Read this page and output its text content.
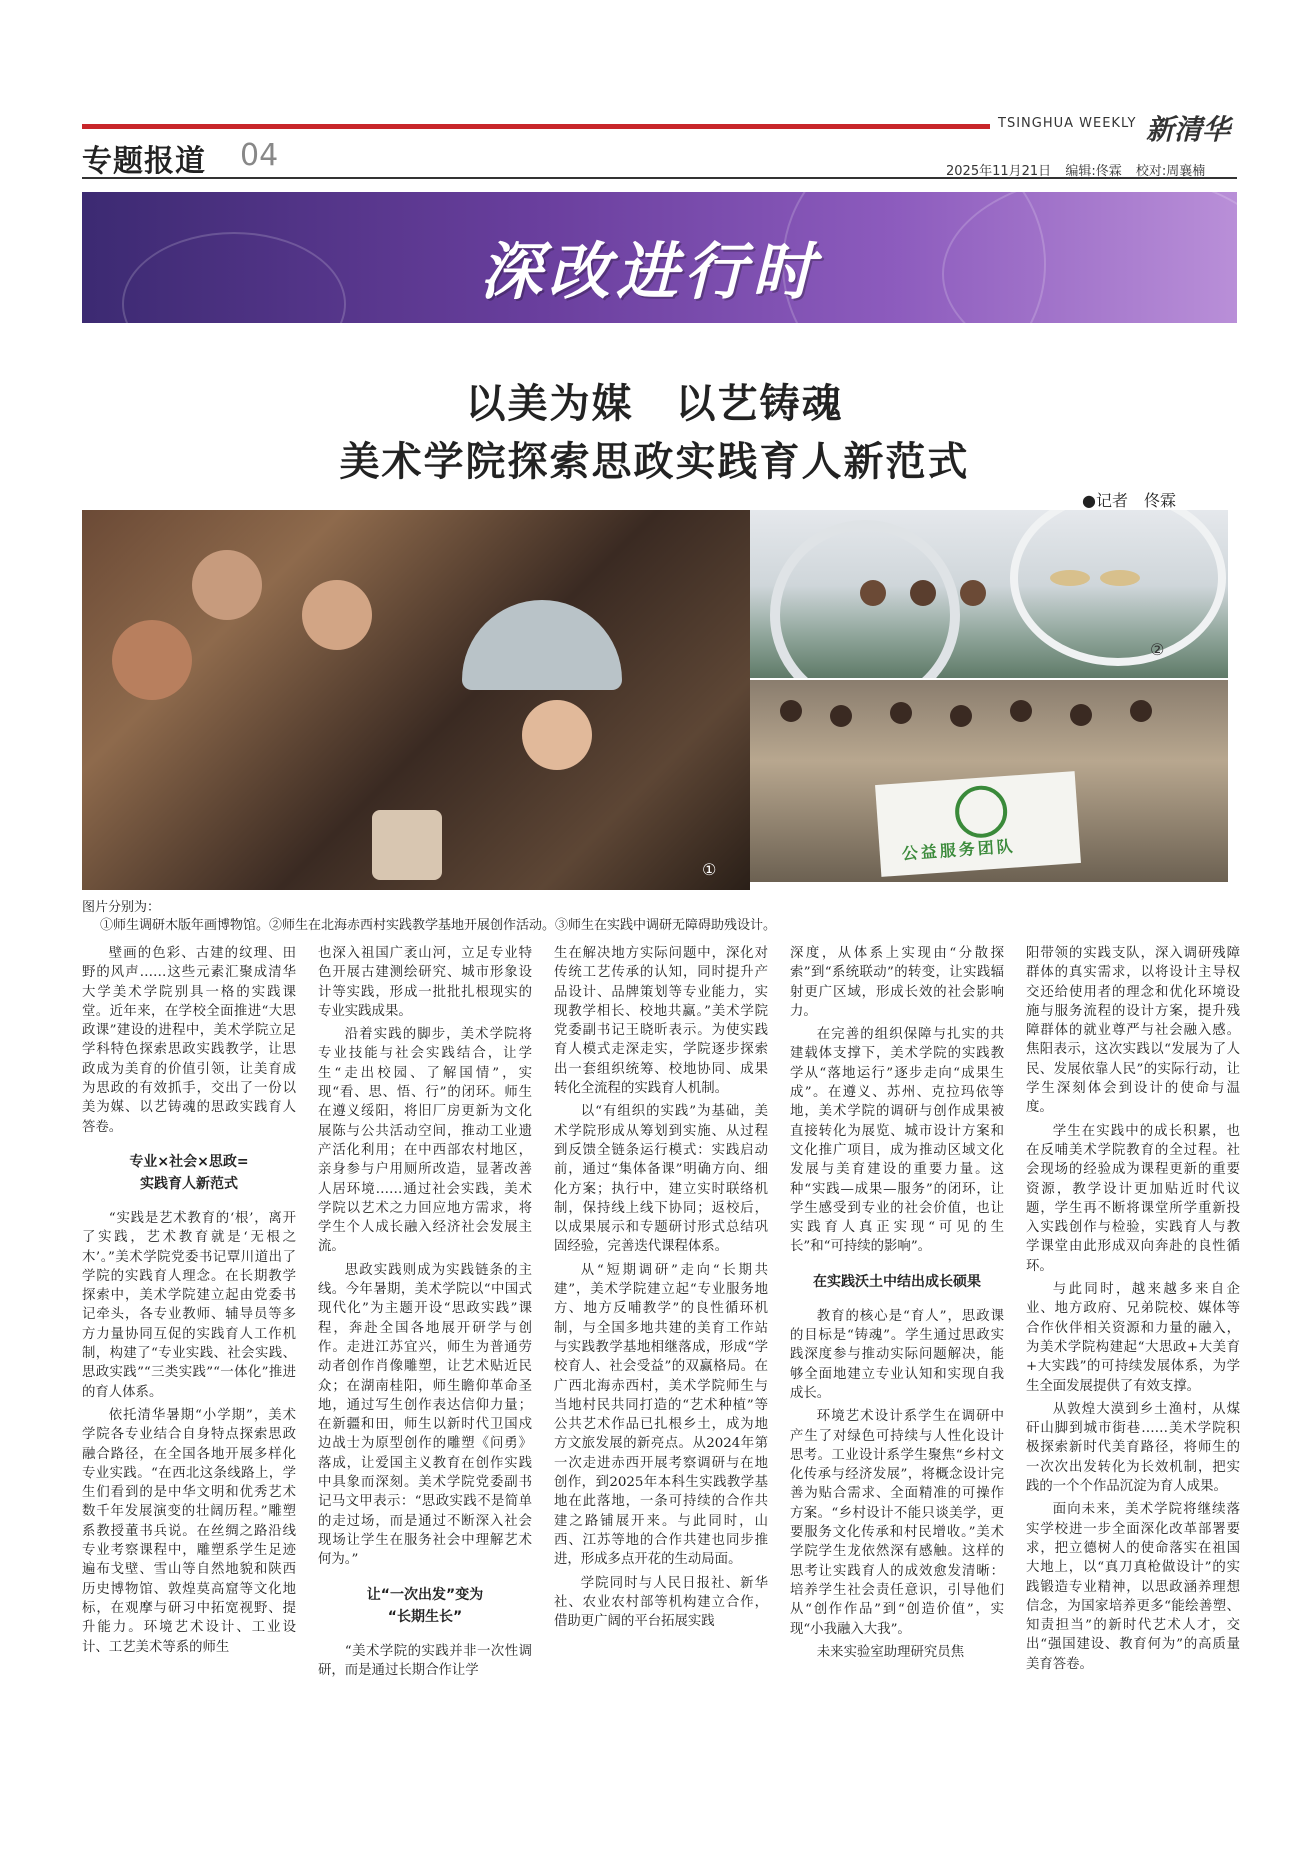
专题报道 04
TSINGHUA WEEKLY 新清华
2025年11月21日 编辑:佟霖 校对:周襄楠
深改进行时
以美为媒　以艺铸魂
美术学院探索思政实践育人新范式
●记者　佟霖
①
②
公益服务团队
图片分别为：
①师生调研木版年画博物馆。②师生在北海赤西村实践教学基地开展创作活动。③师生在实践中调研无障碍助残设计。

壁画的色彩、古建的纹理、田野的风声……这些元素汇聚成清华大学美术学院别具一格的实践课堂。近年来，在学校全面推进“大思政课”建设的进程中，美术学院立足学科特色探索思政实践教学，让思政成为美育的价值引领，让美育成为思政的有效抓手，交出了一份以美为媒、以艺铸魂的思政实践育人答卷。

专业×社会×思政=
实践育人新范式

“实践是艺术教育的‘根’，离开了实践，艺术教育就是‘无根之木’。”美术学院党委书记覃川道出了学院的实践育人理念。在长期教学探索中，美术学院建立起由党委书记牵头，各专业教师、辅导员等多方力量协同互促的实践育人工作机制，构建了“专业实践、社会实践、思政实践”“三类实践”“一体化”推进的育人体系。

依托清华暑期“小学期”，美术学院各专业结合自身特点探索思政融合路径，在全国各地开展多样化专业实践。“在西北这条线路上，学生们看到的是中华文明和优秀艺术数千年发展演变的壮阔历程。”雕塑系教授董书兵说。在丝绸之路沿线专业考察课程中，雕塑系学生足迹遍布戈壁、雪山等自然地貌和陕西历史博物馆、敦煌莫高窟等文化地标，在观摩与研习中拓宽视野、提升能力。环境艺术设计、工业设计、工艺美术等系的师生

也深入祖国广袤山河，立足专业特色开展古建测绘研究、城市形象设计等实践，形成一批批扎根现实的专业实践成果。

沿着实践的脚步，美术学院将专业技能与社会实践结合，让学生“走出校园、了解国情”，实现“看、思、悟、行”的闭环。师生在遵义绥阳，将旧厂房更新为文化展陈与公共活动空间，推动工业遗产活化利用；在中西部农村地区，亲身参与户用厕所改造，显著改善人居环境……通过社会实践，美术学院以艺术之力回应地方需求，将学生个人成长融入经济社会发展主流。

思政实践则成为实践链条的主线。今年暑期，美术学院以“中国式现代化”为主题开设“思政实践”课程，奔赴全国各地展开研学与创作。走进江苏宜兴，师生为普通劳动者创作肖像雕塑，让艺术贴近民众；在湖南桂阳，师生瞻仰革命圣地，通过写生创作表达信仰力量；在新疆和田，师生以新时代卫国戍边战士为原型创作的雕塑《问勇》落成，让爱国主义教育在创作实践中具象而深刻。美术学院党委副书记马文甲表示：“思政实践不是简单的走过场，而是通过不断深入社会现场让学生在服务社会中理解艺术何为。”

让“一次出发”变为
“长期生长”

“美术学院的实践并非一次性调研，而是通过长期合作让学

生在解决地方实际问题中，深化对传统工艺传承的认知，同时提升产品设计、品牌策划等专业能力，实现教学相长、校地共赢。”美术学院党委副书记王晓昕表示。为使实践育人模式走深走实，学院逐步探索出一套组织统筹、校地协同、成果转化全流程的实践育人机制。

以“有组织的实践”为基础，美术学院形成从筹划到实施、从过程到反馈全链条运行模式：实践启动前，通过“集体备课”明确方向、细化方案；执行中，建立实时联络机制，保持线上线下协同；返校后，以成果展示和专题研讨形式总结巩固经验，完善迭代课程体系。

从“短期调研”走向“长期共建”，美术学院建立起“专业服务地方、地方反哺教学”的良性循环机制，与全国多地共建的美育工作站与实践教学基地相继落成，形成“学校育人、社会受益”的双赢格局。在广西北海赤西村，美术学院师生与当地村民共同打造的“艺术种植”等公共艺术作品已扎根乡土，成为地方文旅发展的新亮点。从2024年第一次走进赤西开展考察调研与在地创作，到2025年本科生实践教学基地在此落地，一条可持续的合作共建之路铺展开来。与此同时，山西、江苏等地的合作共建也同步推进，形成多点开花的生动局面。

学院同时与人民日报社、新华社、农业农村部等机构建立合作，借助更广阔的平台拓展实践

深度，从体系上实现由“分散探索”到“系统联动”的转变，让实践辐射更广区域，形成长效的社会影响力。

在完善的组织保障与扎实的共建载体支撑下，美术学院的实践教学从“落地运行”逐步走向“成果生成”。在遵义、苏州、克拉玛依等地，美术学院的调研与创作成果被直接转化为展览、城市设计方案和文化推广项目，成为推动区域文化发展与美育建设的重要力量。这种“实践—成果—服务”的闭环，让学生感受到专业的社会价值，也让实践育人真正实现“可见的生长”和“可持续的影响”。

在实践沃土中结出成长硕果

教育的核心是“育人”，思政课的目标是“铸魂”。学生通过思政实践深度参与推动实际问题解决，能够全面地建立专业认知和实现自我成长。

环境艺术设计系学生在调研中产生了对绿色可持续与人性化设计思考。工业设计系学生聚焦“乡村文化传承与经济发展”，将概念设计完善为贴合需求、全面精准的可操作方案。“乡村设计不能只谈美学，更要服务文化传承和村民增收。”美术学院学生龙依然深有感触。这样的思考让实践育人的成效愈发清晰：培养学生社会责任意识，引导他们从“创作作品”到“创造价值”，实现“小我融入大我”。

未来实验室助理研究员焦

阳带领的实践支队，深入调研残障群体的真实需求，以将设计主导权交还给使用者的理念和优化环境设施与服务流程的设计方案，提升残障群体的就业尊严与社会融入感。焦阳表示，这次实践以“发展为了人民、发展依靠人民”的实际行动，让学生深刻体会到设计的使命与温度。

学生在实践中的成长积累，也在反哺美术学院教育的全过程。社会现场的经验成为课程更新的重要资源，教学设计更加贴近时代议题，学生再不断将课堂所学重新投入实践创作与检验，实践育人与教学课堂由此形成双向奔赴的良性循环。

与此同时，越来越多来自企业、地方政府、兄弟院校、媒体等合作伙伴相关资源和力量的融入，为美术学院构建起“大思政+大美育+大实践”的可持续发展体系，为学生全面发展提供了有效支撑。

从敦煌大漠到乡土渔村，从煤矸山脚到城市街巷……美术学院积极探索新时代美育路径，将师生的一次次出发转化为长效机制，把实践的一个个作品沉淀为育人成果。

面向未来，美术学院将继续落实学校进一步全面深化改革部署要求，把立德树人的使命落实在祖国大地上，以“真刀真枪做设计”的实践锻造专业精神，以思政涵养理想信念，为国家培养更多“能绘善塑、知责担当”的新时代艺术人才，交出“强国建设、教育何为”的高质量美育答卷。
